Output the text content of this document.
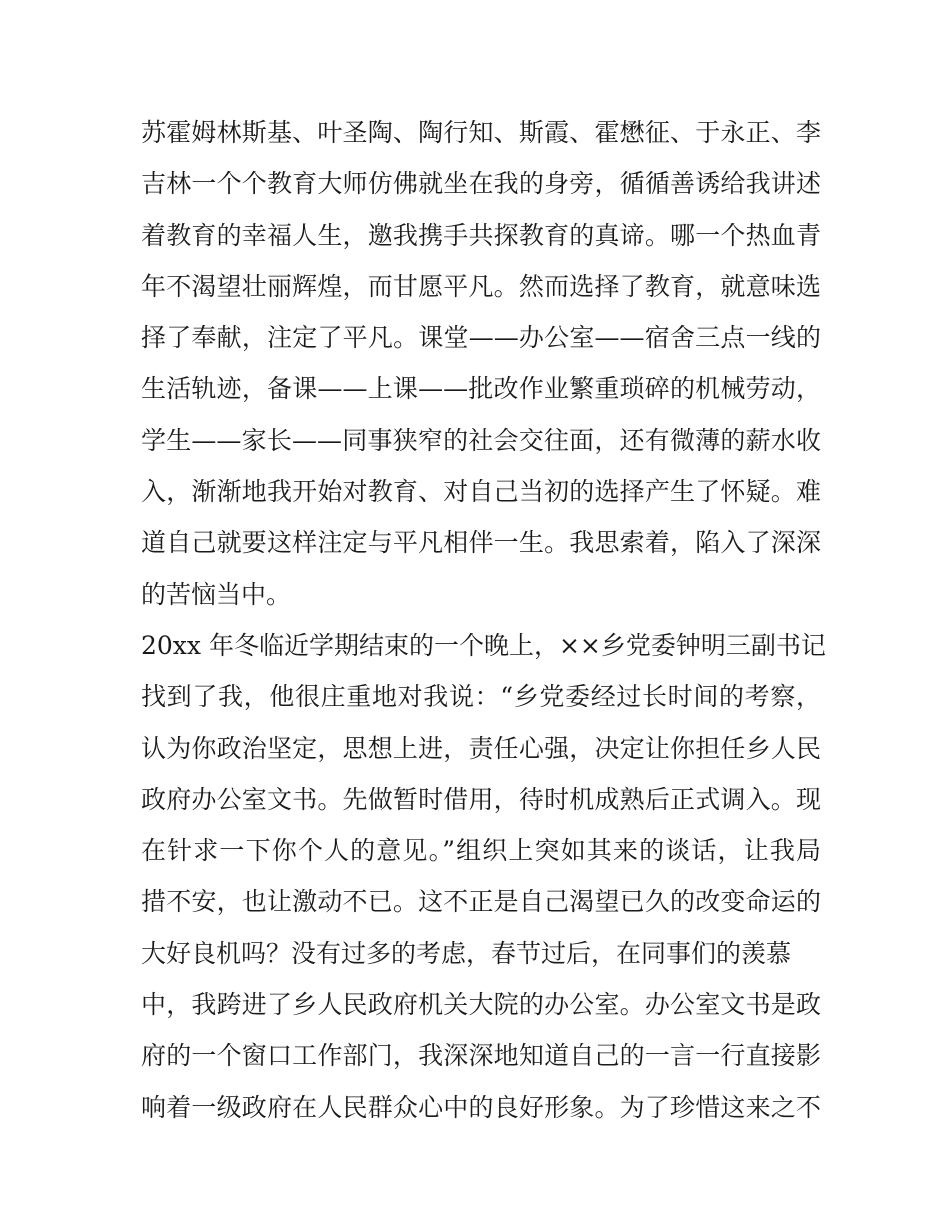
苏霍姆林斯基、叶圣陶、陶行知、斯霞、霍懋征、于永正、李
吉林一个个教育大师仿佛就坐在我的身旁，循循善诱给我讲述
着教育的幸福人生，邀我携手共探教育的真谛。哪一个热血青
年不渴望壮丽辉煌，而甘愿平凡。然而选择了教育，就意味选
择了奉献，注定了平凡。课堂——办公室——宿舍三点一线的
生活轨迹，备课——上课——批改作业繁重琐碎的机械劳动，
学生——家长——同事狭窄的社会交往面，还有微薄的薪水收
入，渐渐地我开始对教育、对自己当初的选择产生了怀疑。难
道自己就要这样注定与平凡相伴一生。我思索着，陷入了深深
的苦恼当中。
20xx 年冬临近学期结束的一个晚上，××乡党委钟明三副书记
找到了我，他很庄重地对我说：“乡党委经过长时间的考察，
认为你政治坚定，思想上进，责任心强，决定让你担任乡人民
政府办公室文书。先做暂时借用，待时机成熟后正式调入。现
在针求一下你个人的意见。”组织上突如其来的谈话，让我局
措不安，也让激动不已。这不正是自己渴望已久的改变命运的
大好良机吗？没有过多的考虑，春节过后，在同事们的羡慕
中，我跨进了乡人民政府机关大院的办公室。办公室文书是政
府的一个窗口工作部门，我深深地知道自己的一言一行直接影
响着一级政府在人民群众心中的良好形象。为了珍惜这来之不
